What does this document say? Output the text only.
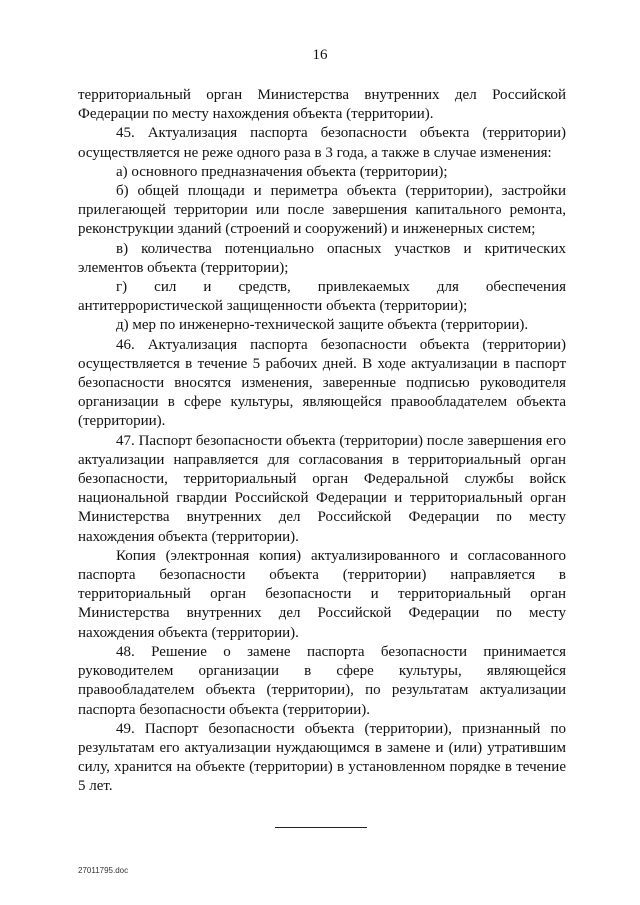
16

территориальный орган Министерства внутренних дел Российской Федерации по месту нахождения объекта (территории).

45. Актуализация паспорта безопасности объекта (территории) осуществляется не реже одного раза в 3 года, а также в случае изменения:

а) основного предназначения объекта (территории);

б) общей площади и периметра объекта (территории), застройки прилегающей территории или после завершения капитального ремонта, реконструкции зданий (строений и сооружений) и инженерных систем;

в) количества потенциально опасных участков и критических элементов объекта (территории);

г) сил и средств, привлекаемых для обеспечения антитеррористической защищенности объекта (территории);

д) мер по инженерно-технической защите объекта (территории).

46. Актуализация паспорта безопасности объекта (территории) осуществляется в течение 5 рабочих дней. В ходе актуализации в паспорт безопасности вносятся изменения, заверенные подписью руководителя организации в сфере культуры, являющейся правообладателем объекта (территории).

47. Паспорт безопасности объекта (территории) после завершения его актуализации направляется для согласования в территориальный орган безопасности, территориальный орган Федеральной службы войск национальной гвардии Российской Федерации и территориальный орган Министерства внутренних дел Российской Федерации по месту нахождения объекта (территории).

Копия (электронная копия) актуализированного и согласованного паспорта безопасности объекта (территории) направляется в территориальный орган безопасности и территориальный орган Министерства внутренних дел Российской Федерации по месту нахождения объекта (территории).

48. Решение о замене паспорта безопасности принимается руководителем организации в сфере культуры, являющейся правообладателем объекта (территории), по результатам актуализации паспорта безопасности объекта (территории).

49. Паспорт безопасности объекта (территории), признанный по результатам его актуализации нуждающимся в замене и (или) утратившим силу, хранится на объекте (территории) в установленном порядке в течение 5 лет.

27011795.doc
